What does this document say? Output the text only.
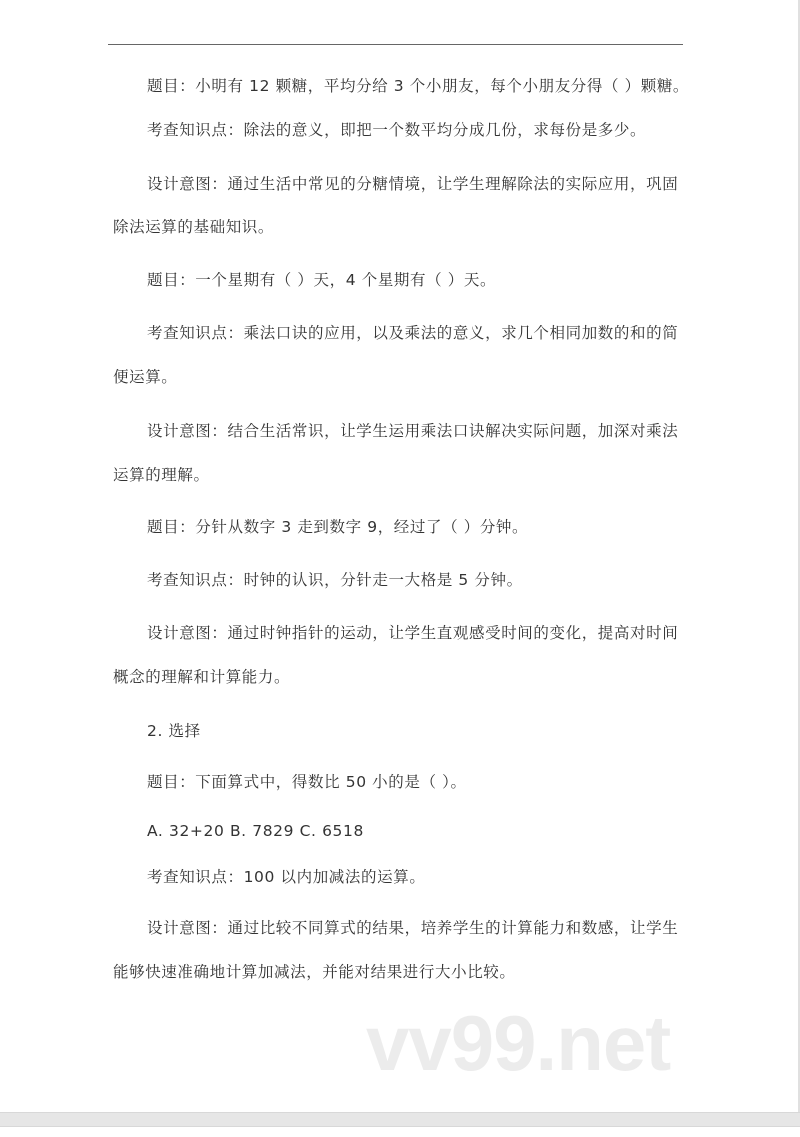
题目：小明有 12 颗糖，平均分给 3 个小朋友，每个小朋友分得（ ）颗糖。
考查知识点：除法的意义，即把一个数平均分成几份，求每份是多少。
设计意图：通过生活中常见的分糖情境，让学生理解除法的实际应用，巩固
除法运算的基础知识。
题目：一个星期有（ ）天，4 个星期有（ ）天。
考查知识点：乘法口诀的应用，以及乘法的意义，求几个相同加数的和的简
便运算。
设计意图：结合生活常识，让学生运用乘法口诀解决实际问题，加深对乘法
运算的理解。
题目：分针从数字 3 走到数字 9，经过了（ ）分钟。
考查知识点：时钟的认识，分针走一大格是 5 分钟。
设计意图：通过时钟指针的运动，让学生直观感受时间的变化，提高对时间
概念的理解和计算能力。
2. 选择
题目：下面算式中，得数比 50 小的是（ ）。
A. 32+20 B. 7829 C. 6518
考查知识点：100 以内加减法的运算。
设计意图：通过比较不同算式的结果，培养学生的计算能力和数感，让学生
能够快速准确地计算加减法，并能对结果进行大小比较。
vv99.net
